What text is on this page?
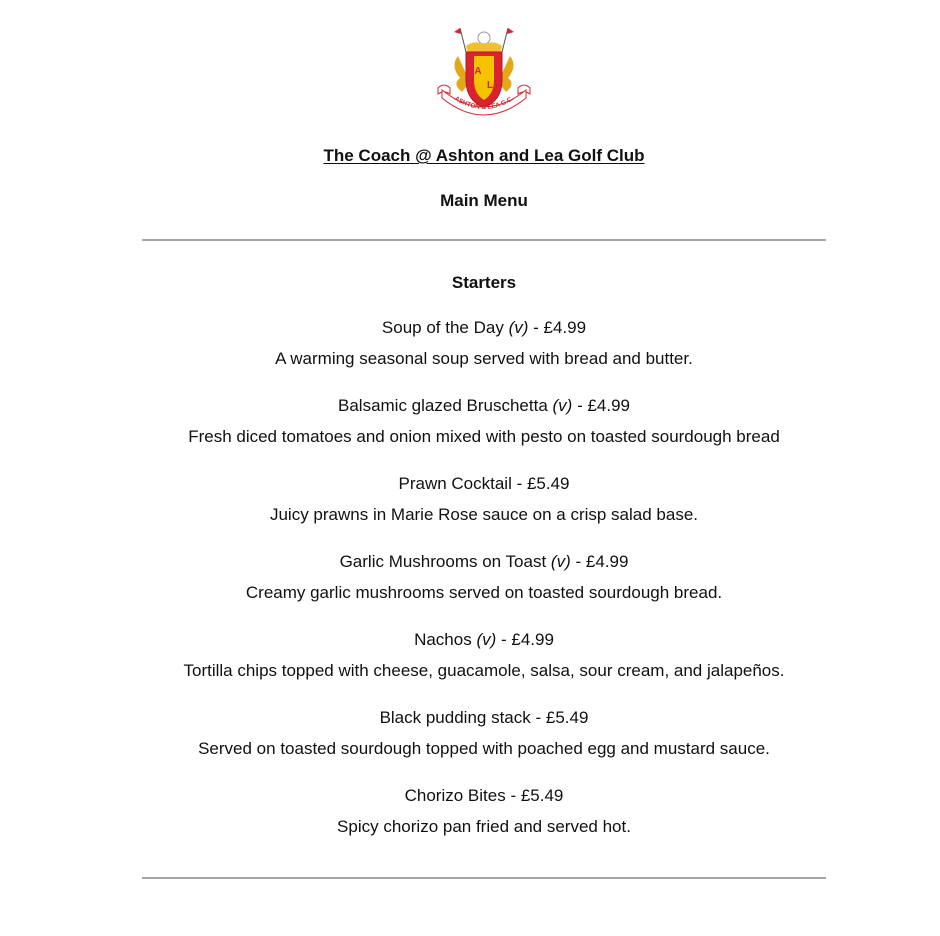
A
L
ASHTON & LEA G.C.
The Coach @ Ashton and Lea Golf Club
Main Menu
Starters
Soup of the Day (v) - £4.99
A warming seasonal soup served with bread and butter.
Balsamic glazed Bruschetta (v) - £4.99
Fresh diced tomatoes and onion mixed with pesto on toasted sourdough bread
Prawn Cocktail - £5.49
Juicy prawns in Marie Rose sauce on a crisp salad base.
Garlic Mushrooms on Toast (v) - £4.99
Creamy garlic mushrooms served on toasted sourdough bread.
Nachos (v) - £4.99
Tortilla chips topped with cheese, guacamole, salsa, sour cream, and jalapeños.
Black pudding stack - £5.49
Served on toasted sourdough topped with poached egg and mustard sauce.
Chorizo Bites - £5.49
Spicy chorizo pan fried and served hot.
